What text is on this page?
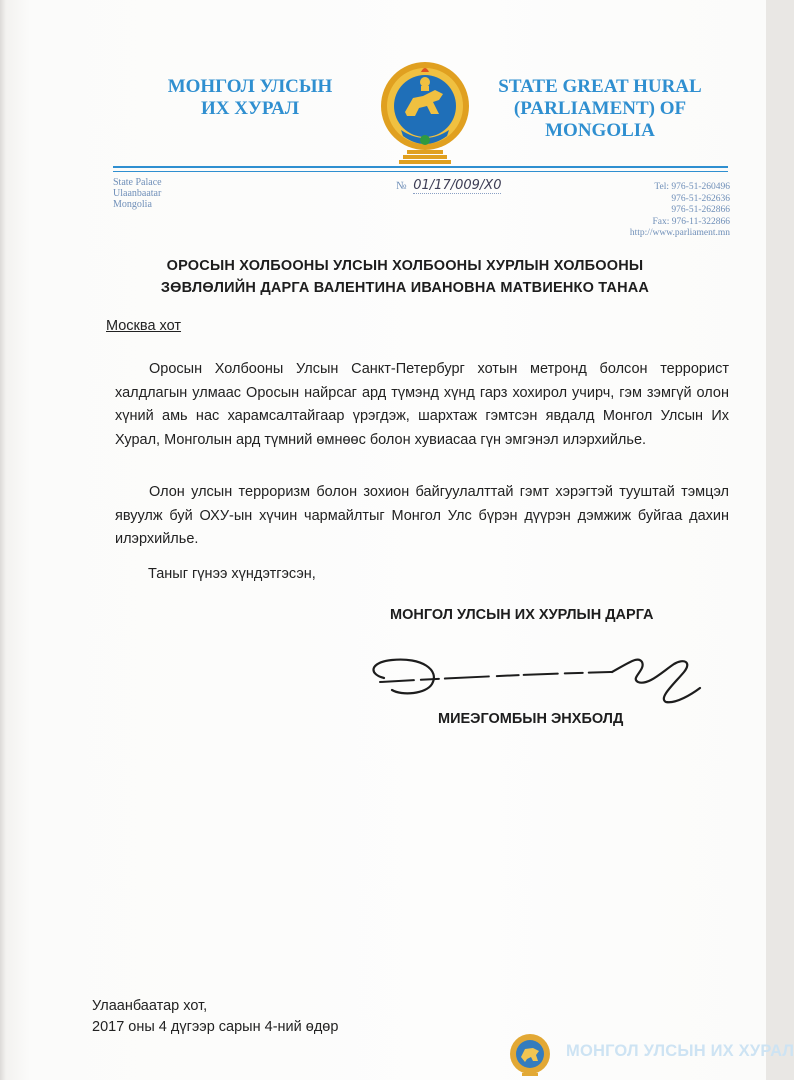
МОНГОЛ УЛСЫН
ИХ ХУРАЛ
STATE GREAT HURAL
(PARLIAMENT) OF
MONGOLIA
State Palace
Ulaanbaatar
Mongolia
№ 01/17/009/X0	Tel: 976-51-260496
976-51-262636
976-51-262866
Fax: 976-11-322866
http://www.parliament.mn
ОРОСЫН ХОЛБООНЫ УЛСЫН ХОЛБООНЫ ХУРЛЫН ХОЛБООНЫ
ЗӨВЛӨЛИЙН ДАРГА ВАЛЕНТИНА ИВАНОВНА МАТВИЕНКО ТАНАА
Москва хот
Оросын Холбооны Улсын Санкт-Петербург хотын метронд болсон террорист халдлагын улмаас Оросын найрсаг ард түмэнд хүнд гарз хохирол учирч, гэм зэмгүй олон хүний амь нас харамсалтайгаар үрэгдэж, шархтаж гэмтсэн явдалд Монгол Улсын Их Хурал, Монголын ард түмний өмнөөс болон хувиасаа гүн эмгэнэл илэрхийлье.
Олон улсын терроризм болон зохион байгуулалттай гэмт хэрэгтэй тууштай тэмцэл явуулж буй ОХУ-ын хүчин чармайлтыг Монгол Улс бүрэн дүүрэн дэмжиж буйгаа дахин илэрхийлье.
Таныг гүнээ хүндэтгэсэн,
МОНГОЛ УЛСЫН ИХ ХУРЛЫН ДАРГА
МИЕЭГОМБЫН ЭНХБОЛД
Улаанбаатар хот,
2017 оны 4 дүгээр сарын 4-ний өдөр
МОНГОЛ УЛСЫН ИХ ХУРАЛ
